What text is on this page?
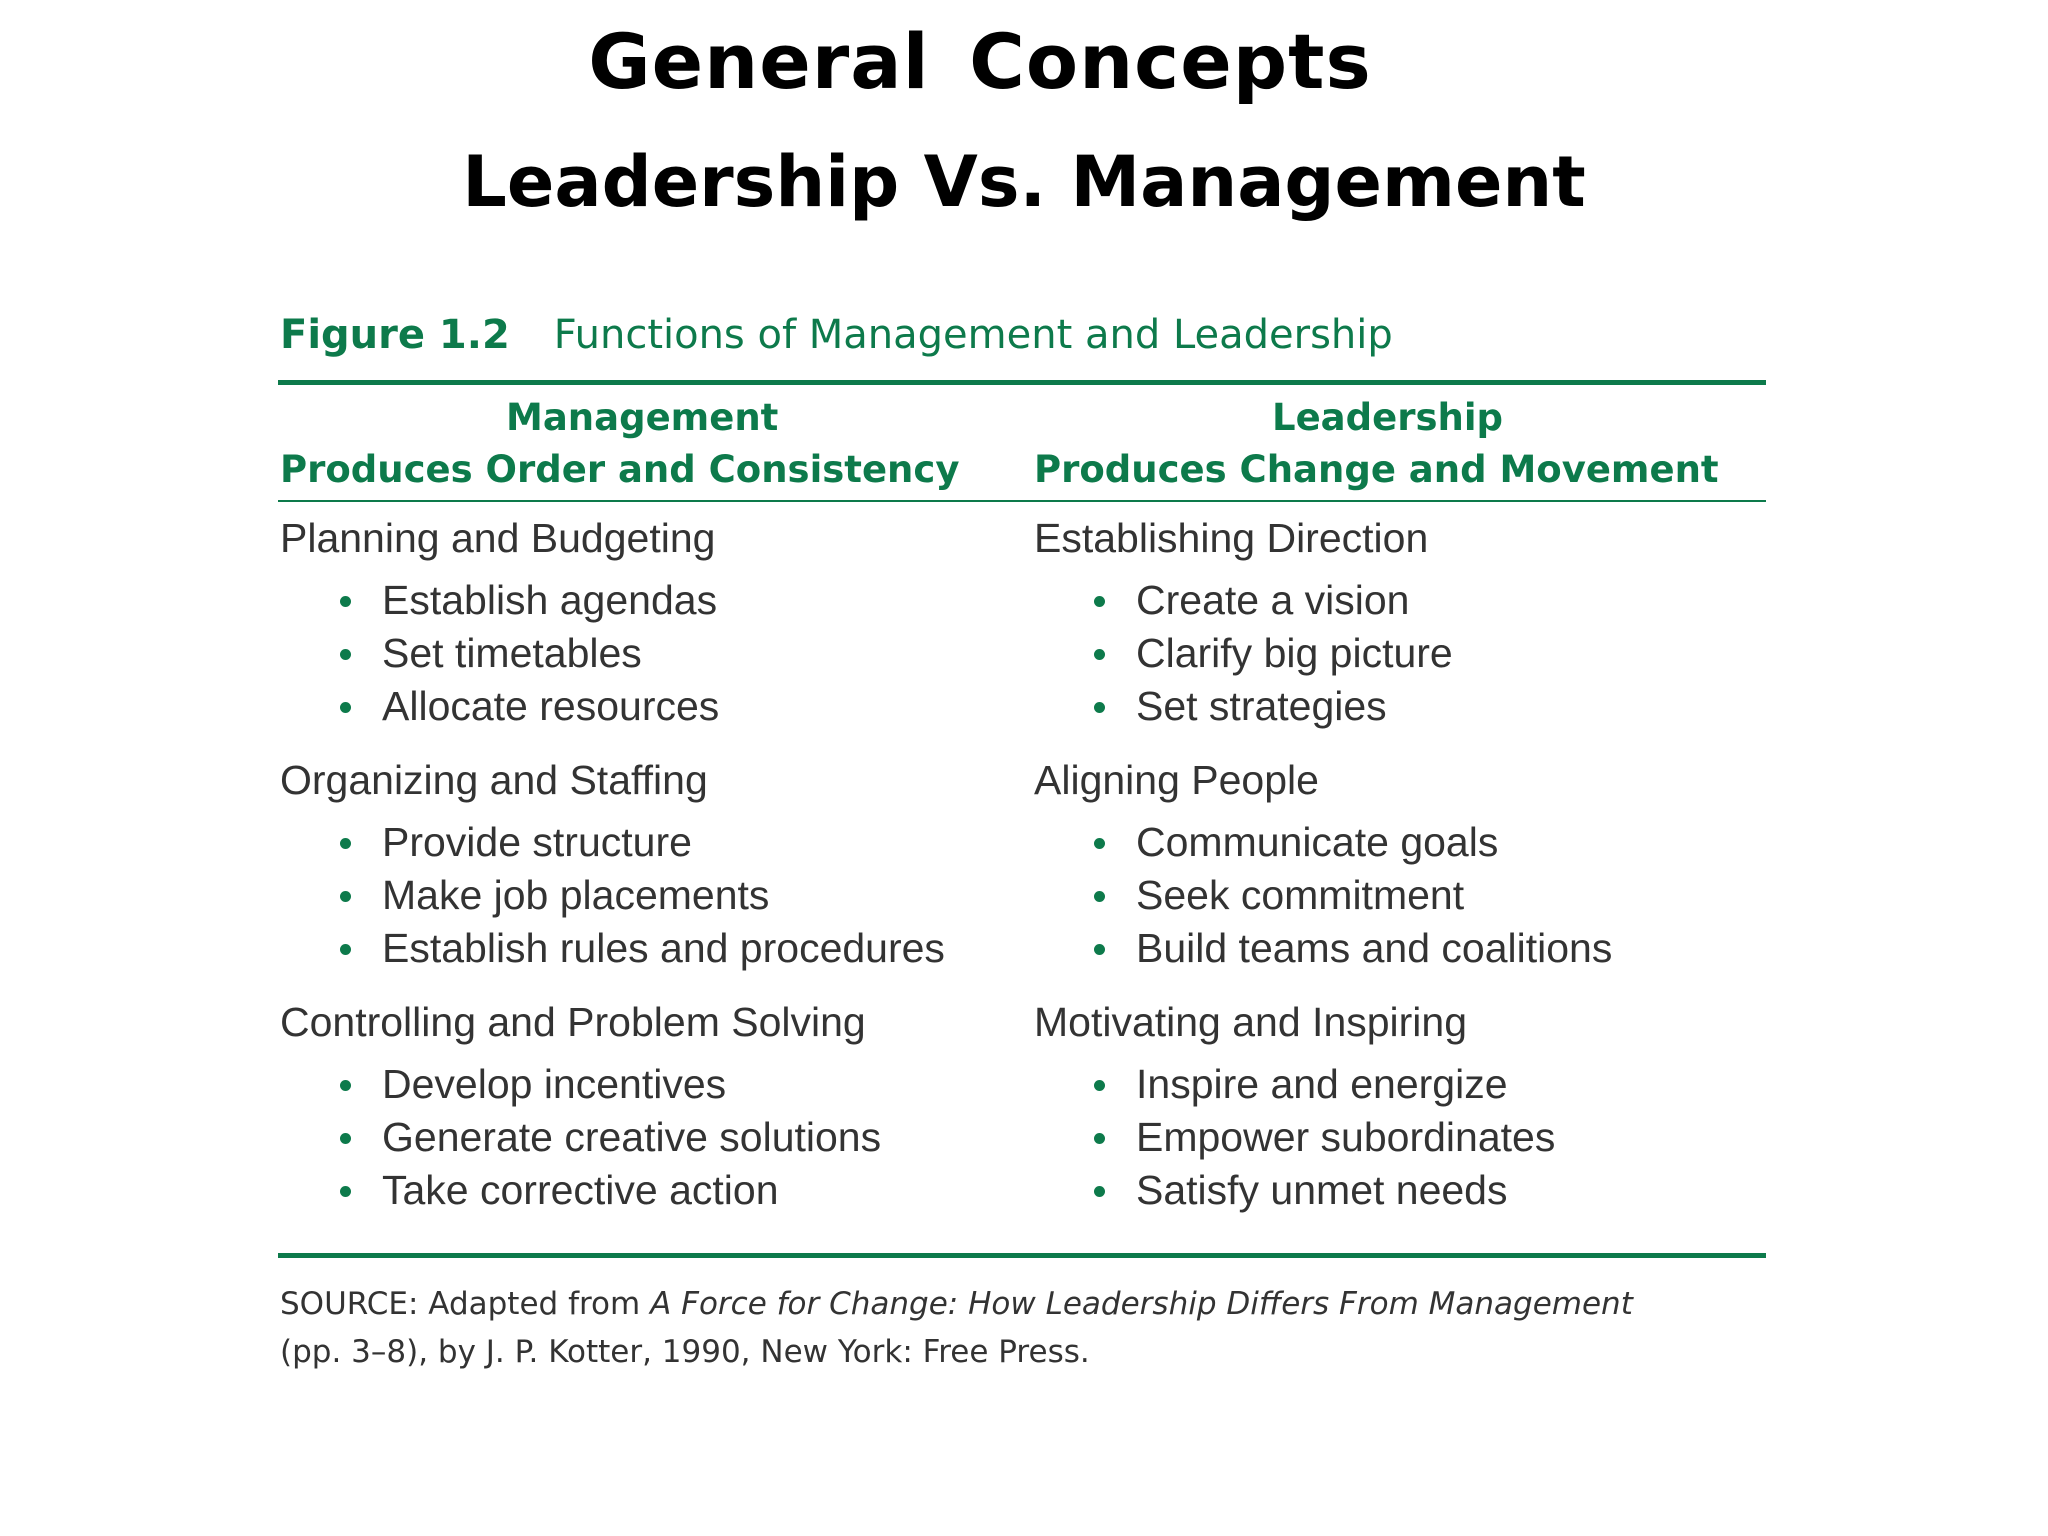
General Concepts
Leadership Vs. Management
Figure 1.2 Functions of Management and Leadership
Management
Produces Order and Consistency
Leadership
Produces Change and Movement
Planning and Budgeting
Establish agendas
Set timetables
Allocate resources
Organizing and Staffing
Provide structure
Make job placements
Establish rules and procedures
Controlling and Problem Solving
Develop incentives
Generate creative solutions
Take corrective action
Establishing Direction
Create a vision
Clarify big picture
Set strategies
Aligning People
Communicate goals
Seek commitment
Build teams and coalitions
Motivating and Inspiring
Inspire and energize
Empower subordinates
Satisfy unmet needs
SOURCE: Adapted from A Force for Change: How Leadership Differs From Management
(pp. 3–8), by J. P. Kotter, 1990, New York: Free Press.
